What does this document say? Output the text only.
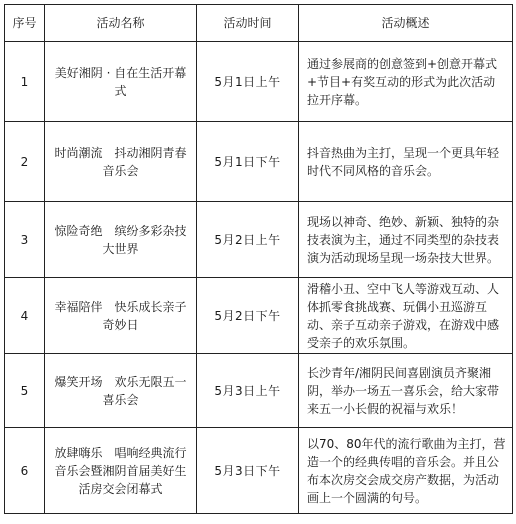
序号	活动名称	活动时间	活动概述
1	美好湘阴 · 自在生活开幕式	5月1日上午	通过参展商的创意签到+创意开幕式+节目+有奖互动的形式为此次活动拉开序幕。
2	时尚潮流　抖动湘阴青春音乐会	5月1日下午	抖音热曲为主打，呈现一个更具年轻时代不同风格的音乐会。
3	惊险奇绝　缤纷多彩杂技大世界	5月2日上午	现场以神奇、绝妙、新颖、独特的杂技表演为主，通过不同类型的杂技表演为活动现场呈现一场杂技大世界。
4	幸福陪伴　快乐成长亲子奇妙日	5月2日下午	滑稽小丑、空中飞人等游戏互动、人体抓零食挑战赛、玩偶小丑巡游互动、亲子互动亲子游戏，在游戏中感受亲子的欢乐氛围。
5	爆笑开场　欢乐无限五一喜乐会	5月3日上午	长沙青年/湘阴民间喜剧演员齐聚湘阴，举办一场五一喜乐会，给大家带来五一小长假的祝福与欢乐！
6	放肆嗨乐　唱响经典流行音乐会暨湘阴首届美好生活房交会闭幕式	5月3日下午	以70、80年代的流行歌曲为主打，营造一个的经典传唱的音乐会。并且公布本次房交会成交房产数据，为活动画上一个圆满的句号。
